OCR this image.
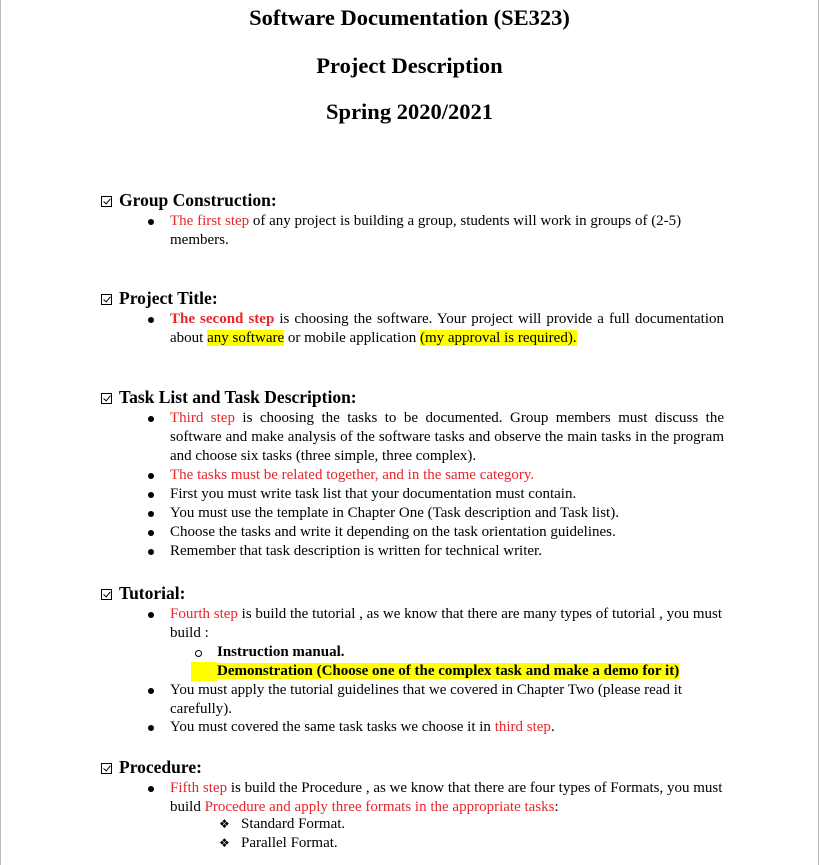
Software Documentation (SE323)
Project Description
Spring 2020/2021
Group Construction:
The first step of any project is building a group, students will work in groups of (2-5) members.
Project Title:
The second step is choosing the software. Your project will provide a full documentation about any software or mobile application (my approval is required).
Task List and Task Description:
Third step is choosing the tasks to be documented. Group members must discuss the software and make analysis of the software tasks and observe the main tasks in the program and choose six tasks (three simple, three complex).
The tasks must be related together, and in the same category.
First you must write task list that your documentation must contain.
You must use the template in Chapter One (Task description and Task list).
Choose the tasks and write it depending on the task orientation guidelines.
Remember that task description is written for technical writer.
Tutorial:
Fourth step is build the tutorial , as we know that there are many types of tutorial , you must build :
Instruction manual.
Demonstration (Choose one of the complex task and make a demo for it)
You must apply the tutorial guidelines that we covered in Chapter Two (please read it carefully).
You must covered the same task tasks we choose it in third step.
Procedure:
Fifth step is build the Procedure , as we know that there are four types of Formats, you must build Procedure and apply three formats in the appropriate tasks:
❖ Standard Format.
❖ Parallel Format.
